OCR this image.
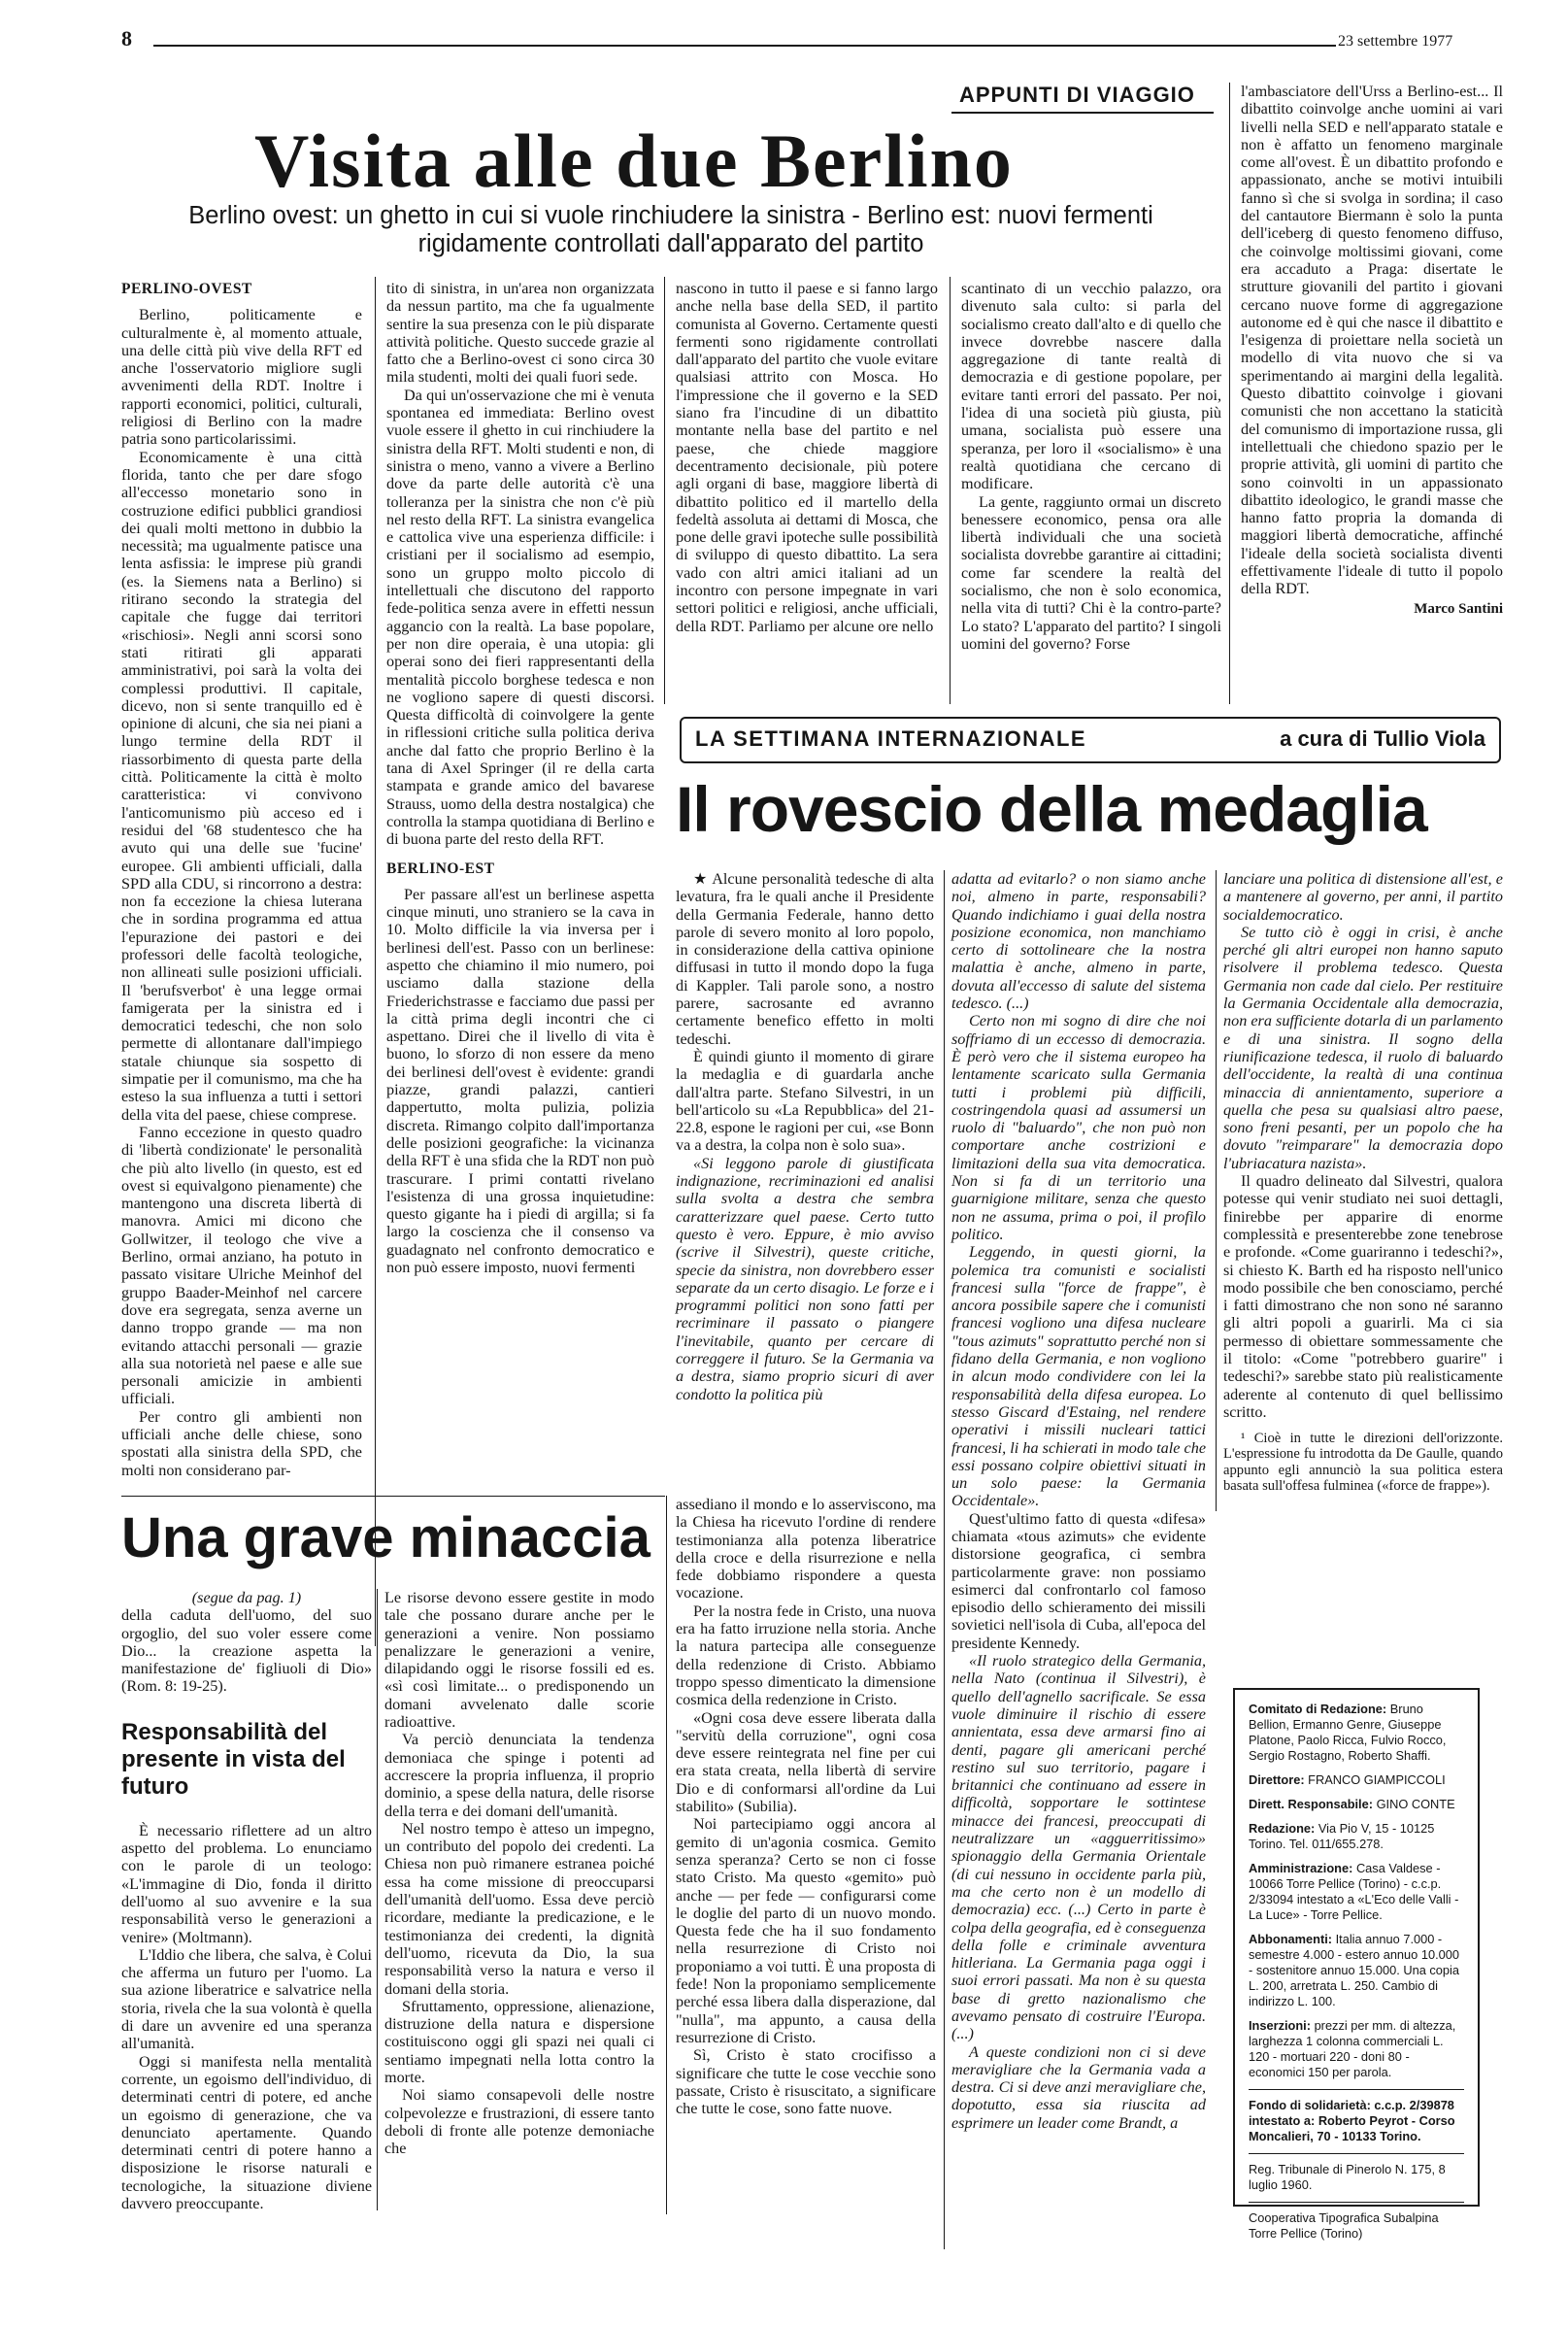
8	23 settembre 1977
APPUNTI DI VIAGGIO
Visita alle due Berlino
Berlino ovest: un ghetto in cui si vuole rinchiudere la sinistra - Berlino est: nuovi fermenti rigidamente controllati dall'apparato del partito

PERLINO-OVEST

Berlino, politicamente e culturalmente è, al momento attuale, una delle città più vive della RFT ed anche l'osservatorio migliore sugli avvenimenti della RDT. Inoltre i rapporti economici, politici, culturali, religiosi di Berlino con la madre patria sono particolarissimi.

Economicamente è una città florida, tanto che per dare sfogo all'eccesso monetario sono in costruzione edifici pubblici grandiosi dei quali molti mettono in dubbio la necessità; ma ugualmente patisce una lenta asfissia: le imprese più grandi (es. la Siemens nata a Berlino) si ritirano secondo la strategia del capitale che fugge dai territori «rischiosi». Negli anni scorsi sono stati ritirati gli apparati amministrativi, poi sarà la volta dei complessi produttivi. Il capitale, dicevo, non si sente tranquillo ed è opinione di alcuni, che sia nei piani a lungo termine della RDT il riassorbimento di questa parte della città. Politicamente la città è molto caratteristica: vi convivono l'anticomunismo più acceso ed i residui del '68 studentesco che ha avuto qui una delle sue 'fucine' europee. Gli ambienti ufficiali, dalla SPD alla CDU, si rincorrono a destra: non fa eccezione la chiesa luterana che in sordina programma ed attua l'epurazione dei pastori e dei professori delle facoltà teologiche, non allineati sulle posizioni ufficiali. Il 'berufsverbot' è una legge ormai famigerata per la sinistra ed i democratici tedeschi, che non solo permette di allontanare dall'impiego statale chiunque sia sospetto di simpatie per il comunismo, ma che ha esteso la sua influenza a tutti i settori della vita del paese, chiese comprese.

Fanno eccezione in questo quadro di 'libertà condizionate' le personalità che più alto livello (in questo, est ed ovest si equivalgono pienamente) che mantengono una discreta libertà di manovra. Amici mi dicono che Gollwitzer, il teologo che vive a Berlino, ormai anziano, ha potuto in passato visitare Ulriche Meinhof del gruppo Baader-Meinhof nel carcere dove era segregata, senza averne un danno troppo grande — ma non evitando attacchi personali — grazie alla sua notorietà nel paese e alle sue personali amicizie in ambienti ufficiali.

Per contro gli ambienti non ufficiali anche delle chiese, sono spostati alla sinistra della SPD, che molti non considerano par-

tito di sinistra, in un'area non organizzata da nessun partito, ma che fa ugualmente sentire la sua presenza con le più disparate attività politiche. Questo succede grazie al fatto che a Berlino-ovest ci sono circa 30 mila studenti, molti dei quali fuori sede.

Da qui un'osservazione che mi è venuta spontanea ed immediata: Berlino ovest vuole essere il ghetto in cui rinchiudere la sinistra della RFT. Molti studenti e non, di sinistra o meno, vanno a vivere a Berlino dove da parte delle autorità c'è una tolleranza per la sinistra che non c'è più nel resto della RFT. La sinistra evangelica e cattolica vive una esperienza difficile: i cristiani per il socialismo ad esempio, sono un gruppo molto piccolo di intellettuali che discutono del rapporto fede-politica senza avere in effetti nessun aggancio con la realtà. La base popolare, per non dire operaia, è una utopia: gli operai sono dei fieri rappresentanti della mentalità piccolo borghese tedesca e non ne vogliono sapere di questi discorsi. Questa difficoltà di coinvolgere la gente in riflessioni critiche sulla politica deriva anche dal fatto che proprio Berlino è la tana di Axel Springer (il re della carta stampata e grande amico del bavarese Strauss, uomo della destra nostalgica) che controlla la stampa quotidiana di Berlino e di buona parte del resto della RFT.

BERLINO-EST

Per passare all'est un berlinese aspetta cinque minuti, uno straniero se la cava in 10. Molto difficile la via inversa per i berlinesi dell'est. Passo con un berlinese: aspetto che chiamino il mio numero, poi usciamo dalla stazione della Friederichstrasse e facciamo due passi per la città prima degli incontri che ci aspettano. Direi che il livello di vita è buono, lo sforzo di non essere da meno dei berlinesi dell'ovest è evidente: grandi piazze, grandi palazzi, cantieri dappertutto, molta pulizia, polizia discreta. Rimango colpito dall'importanza delle posizioni geografiche: la vicinanza della RFT è una sfida che la RDT non può trascurare. I primi contatti rivelano l'esistenza di una grossa inquietudine: questo gigante ha i piedi di argilla; si fa largo la coscienza che il consenso va guadagnato nel confronto democratico e non può essere imposto, nuovi fermenti

nascono in tutto il paese e si fanno largo anche nella base della SED, il partito comunista al Governo. Certamente questi fermenti sono rigidamente controllati dall'apparato del partito che vuole evitare qualsiasi attrito con Mosca. Ho l'impressione che il governo e la SED siano fra l'incudine di un dibattito montante nella base del partito e nel paese, che chiede maggiore decentramento decisionale, più potere agli organi di base, maggiore libertà di dibattito politico ed il martello della fedeltà assoluta ai dettami di Mosca, che pone delle gravi ipoteche sulle possibilità di sviluppo di questo dibattito. La sera vado con altri amici italiani ad un incontro con persone impegnate in vari settori politici e religiosi, anche ufficiali, della RDT. Parliamo per alcune ore nello

scantinato di un vecchio palazzo, ora divenuto sala culto: si parla del socialismo creato dall'alto e di quello che invece dovrebbe nascere dalla aggregazione di tante realtà di democrazia e di gestione popolare, per evitare tanti errori del passato. Per noi, l'idea di una società più giusta, più umana, socialista può essere una speranza, per loro il «socialismo» è una realtà quotidiana che cercano di modificare.

La gente, raggiunto ormai un discreto benessere economico, pensa ora alle libertà individuali che una società socialista dovrebbe garantire ai cittadini; come far scendere la realtà del socialismo, che non è solo economica, nella vita di tutti? Chi è la contro-parte? Lo stato? L'apparato del partito? I singoli uomini del governo? Forse

l'ambasciatore dell'Urss a Berlino-est... Il dibattito coinvolge anche uomini ai vari livelli nella SED e nell'apparato statale e non è affatto un fenomeno marginale come all'ovest. È un dibattito profondo e appassionato, anche se motivi intuibili fanno sì che si svolga in sordina; il caso del cantautore Biermann è solo la punta dell'iceberg di questo fenomeno diffuso, che coinvolge moltissimi giovani, come era accaduto a Praga: disertate le strutture giovanili del partito i giovani cercano nuove forme di aggregazione autonome ed è qui che nasce il dibattito e l'esigenza di proiettare nella società un modello di vita nuovo che si va sperimentando ai margini della legalità. Questo dibattito coinvolge i giovani comunisti che non accettano la staticità del comunismo di importazione russa, gli intellettuali che chiedono spazio per le proprie attività, gli uomini di partito che sono coinvolti in un appassionato dibattito ideologico, le grandi masse che hanno fatto propria la domanda di maggiori libertà democratiche, affinché l'ideale della società socialista diventi effettivamente l'ideale di tutto il popolo della RDT.

Marco Santini

LA SETTIMANA INTERNAZIONALE	a cura di Tullio Viola
Il rovescio della medaglia

★ Alcune personalità tedesche di alta levatura, fra le quali anche il Presidente della Germania Federale, hanno detto parole di severo monito al loro popolo, in considerazione della cattiva opinione diffusasi in tutto il mondo dopo la fuga di Kappler. Tali parole sono, a nostro parere, sacrosante ed avranno certamente benefico effetto in molti tedeschi.

È quindi giunto il momento di girare la medaglia e di guardarla anche dall'altra parte. Stefano Silvestri, in un bell'articolo su «La Repubblica» del 21-22.8, espone le ragioni per cui, «se Bonn va a destra, la colpa non è solo sua».

«Si leggono parole di giustificata indignazione, recriminazioni ed analisi sulla svolta a destra che sembra caratterizzare quel paese. Certo tutto questo è vero. Eppure, è mio avviso (scrive il Silvestri), queste critiche, specie da sinistra, non dovrebbero esser separate da un certo disagio. Le forze e i programmi politici non sono fatti per recriminare il passato o piangere l'inevitabile, quanto per cercare di correggere il futuro. Se la Germania va a destra, siamo proprio sicuri di aver condotto la politica più

adatta ad evitarlo? o non siamo anche noi, almeno in parte, responsabili? Quando indichiamo i guai della nostra posizione economica, non manchiamo certo di sottolineare che la nostra malattia è anche, almeno in parte, dovuta all'eccesso di salute del sistema tedesco. (...)

Certo non mi sogno di dire che noi soffriamo di un eccesso di democrazia. È però vero che il sistema europeo ha lentamente scaricato sulla Germania tutti i problemi più difficili, costringendola quasi ad assumersi un ruolo di "baluardo", che non può non comportare anche costrizioni e limitazioni della sua vita democratica. Non si fa di un territorio una guarnigione militare, senza che questo non ne assuma, prima o poi, il profilo politico.

Leggendo, in questi giorni, la polemica tra comunisti e socialisti francesi sulla "force de frappe", è ancora possibile sapere che i comunisti francesi vogliono una difesa nucleare "tous azimuts" soprattutto perché non si fidano della Germania, e non vogliono in alcun modo condividere con lei la responsabilità della difesa europea. Lo stesso Giscard d'Estaing, nel rendere operativi i missili nucleari tattici francesi, li ha schierati in modo tale che essi possano colpire obiettivi situati in un solo paese: la Germania Occidentale».

Quest'ultimo fatto di questa «difesa» chiamata «tous azimuts» che evidente distorsione geografica, ci sembra particolarmente grave: non possiamo esimerci dal confrontarlo col famoso episodio dello schieramento dei missili sovietici nell'isola di Cuba, all'epoca del presidente Kennedy.

«Il ruolo strategico della Germania, nella Nato (continua il Silvestri), è quello dell'agnello sacrificale. Se essa vuole diminuire il rischio di essere annientata, essa deve armarsi fino ai denti, pagare gli americani perché restino sul suo territorio, pagare i britannici che continuano ad essere in difficoltà, sopportare le sottintese minacce dei francesi, preoccupati di neutralizzare un «agguerritissimo» spionaggio della Germania Orientale (di cui nessuno in occidente parla più, ma che certo non è un modello di democrazia) ecc. (...) Certo in parte è colpa della geografia, ed è conseguenza della folle e criminale avventura hitleriana. La Germania paga oggi i suoi errori passati. Ma non è su questa base di gretto nazionalismo che avevamo pensato di costruire l'Europa. (...)

A queste condizioni non ci si deve meravigliare che la Germania vada a destra. Ci si deve anzi meravigliare che, dopotutto, essa sia riuscita ad esprimere un leader come Brandt, a

lanciare una politica di distensione all'est, e a mantenere al governo, per anni, il partito socialdemocratico.

Se tutto ciò è oggi in crisi, è anche perché gli altri europei non hanno saputo risolvere il problema tedesco. Questa Germania non cade dal cielo. Per restituire la Germania Occidentale alla democrazia, non era sufficiente dotarla di un parlamento e di una sinistra. Il sogno della riunificazione tedesca, il ruolo di baluardo dell'occidente, la realtà di una continua minaccia di annientamento, superiore a quella che pesa su qualsiasi altro paese, sono freni pesanti, per un popolo che ha dovuto "reimparare" la democrazia dopo l'ubriacatura nazista».

Il quadro delineato dal Silvestri, qualora potesse qui venir studiato nei suoi dettagli, finirebbe per apparire di enorme complessità e presenterebbe zone tenebrose e profonde. «Come guariranno i tedeschi?», si chiesto K. Barth ed ha risposto nell'unico modo possibile che ben conosciamo, perché i fatti dimostrano che non sono né saranno gli altri popoli a guarirli. Ma ci sia permesso di obiettare sommessamente che il titolo: «Come "potrebbero guarire" i tedeschi?» sarebbe stato più realisticamente aderente al contenuto di quel bellissimo scritto.

¹ Cioè in tutte le direzioni dell'orizzonte. L'espressione fu introdotta da De Gaulle, quando appunto egli annunciò la sua politica estera basata sull'offesa fulminea («force de frappe»).

Una grave minaccia

(segue da pag. 1)

della caduta dell'uomo, del suo orgoglio, del suo voler essere come Dio... la creazione aspetta la manifestazione de' figliuoli di Dio» (Rom. 8: 19-25).

Responsabilità del presente in vista del futuro

È necessario riflettere ad un altro aspetto del problema. Lo enunciamo con le parole di un teologo: «L'immagine di Dio, fonda il diritto dell'uomo al suo avvenire e la sua responsabilità verso le generazioni a venire» (Moltmann).

L'Iddio che libera, che salva, è Colui che afferma un futuro per l'uomo. La sua azione liberatrice e salvatrice nella storia, rivela che la sua volontà è quella di dare un avvenire ed una speranza all'umanità.

Oggi si manifesta nella mentalità corrente, un egoismo dell'individuo, di determinati centri di potere, ed anche un egoismo di generazione, che va denunciato apertamente. Quando determinati centri di potere hanno a disposizione le risorse naturali e tecnologiche, la situazione diviene davvero preoccupante.

Le risorse devono essere gestite in modo tale che possano durare anche per le generazioni a venire. Non possiamo penalizzare le generazioni a venire, dilapidando oggi le risorse fossili ed es. «sì così limitate... o predisponendo un domani avvelenato dalle scorie radioattive.

Va perciò denunciata la tendenza demoniaca che spinge i potenti ad accrescere la propria influenza, il proprio dominio, a spese della natura, delle risorse della terra e dei domani dell'umanità.

Nel nostro tempo è atteso un impegno, un contributo del popolo dei credenti. La Chiesa non può rimanere estranea poiché essa ha come missione di preoccuparsi dell'umanità dell'uomo. Essa deve perciò ricordare, mediante la predicazione, e le testimonianza dei credenti, la dignità dell'uomo, ricevuta da Dio, la sua responsabilità verso la natura e verso il domani della storia.

Sfruttamento, oppressione, alienazione, distruzione della natura e dispersione costituiscono oggi gli spazi nei quali ci sentiamo impegnati nella lotta contro la morte.

Noi siamo consapevoli delle nostre colpevolezze e frustrazioni, di essere tanto deboli di fronte alle potenze demoniache che

assediano il mondo e lo asserviscono, ma la Chiesa ha ricevuto l'ordine di rendere testimonianza alla potenza liberatrice della croce e della risurrezione e nella fede dobbiamo rispondere a questa vocazione.

Per la nostra fede in Cristo, una nuova era ha fatto irruzione nella storia. Anche la natura partecipa alle conseguenze della redenzione di Cristo. Abbiamo troppo spesso dimenticato la dimensione cosmica della redenzione in Cristo.

«Ogni cosa deve essere liberata dalla "servitù della corruzione", ogni cosa deve essere reintegrata nel fine per cui era stata creata, nella libertà di servire Dio e di conformarsi all'ordine da Lui stabilito» (Subilia).

Noi partecipiamo oggi ancora al gemito di un'agonia cosmica. Gemito senza speranza? Certo se non ci fosse stato Cristo. Ma questo «gemito» può anche — per fede — configurarsi come le doglie del parto di un nuovo mondo. Questa fede che ha il suo fondamento nella resurrezione di Cristo noi proponiamo a voi tutti. È una proposta di fede! Non la proponiamo semplicemente perché essa libera dalla disperazione, dal "nulla", ma appunto, a causa della resurrezione di Cristo.

Sì, Cristo è stato crocifisso a significare che tutte le cose vecchie sono passate, Cristo è risuscitato, a significare che tutte le cose, sono fatte nuove.

Comitato di Redazione: Bruno Bellion, Ermanno Genre, Giuseppe Platone, Paolo Ricca, Fulvio Rocco, Sergio Rostagno, Roberto Shaffi.

Direttore: FRANCO GIAMPICCOLI

Dirett. Responsabile: GINO CONTE

Redazione: Via Pio V, 15 - 10125 Torino. Tel. 011/655.278.

Amministrazione: Casa Valdese - 10066 Torre Pellice (Torino) - c.c.p. 2/33094 intestato a «L'Eco delle Valli - La Luce» - Torre Pellice.

Abbonamenti: Italia annuo 7.000 - semestre 4.000 - estero annuo 10.000 - sostenitore annuo 15.000. Una copia L. 200, arretrata L. 250. Cambio di indirizzo L. 100.

Inserzioni: prezzi per mm. di altezza, larghezza 1 colonna commerciali L. 120 - mortuari 220 - doni 80 - economici 150 per parola.

Fondo di solidarietà: c.c.p. 2/39878 intestato a: Roberto Peyrot - Corso Moncalieri, 70 - 10133 Torino.

Reg. Tribunale di Pinerolo N. 175, 8 luglio 1960.

Cooperativa Tipografica Subalpina Torre Pellice (Torino)
